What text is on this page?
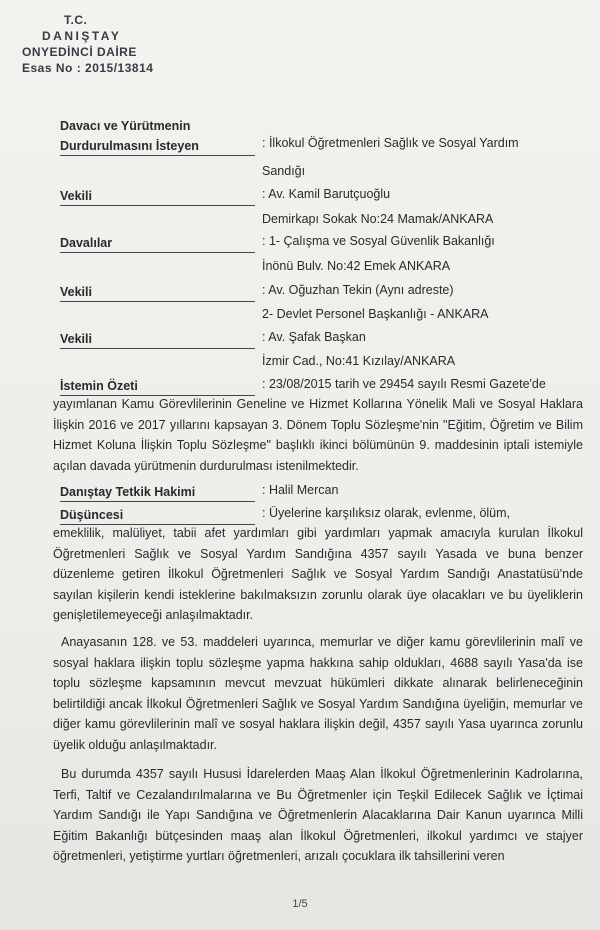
T.C.
DANIŞTAY
ONYEDİNCİ DAİRE
Esas No : 2015/13814
Davacı ve Yürütmenin
Durdurulmasını İsteyen	: İlkokul Öğretmenleri Sağlık ve Sosyal Yardım
Sandığı
Vekili	: Av. Kamil Barutçuoğlu
Demirkapı Sokak No:24 Mamak/ANKARA
Davalılar	: 1- Çalışma ve Sosyal Güvenlik Bakanlığı
İnönü Bulv. No:42 Emek ANKARA
Vekili	: Av. Oğuzhan Tekin (Aynı adreste)
2- Devlet Personel Başkanlığı - ANKARA
Vekili	: Av. Şafak Başkan
İzmir Cad., No:41 Kızılay/ANKARA
İstemin Özeti	: 23/08/2015 tarih ve 29454 sayılı Resmi Gazete'de

yayımlanan Kamu Görevlilerinin Geneline ve Hizmet Kollarına Yönelik Mali ve Sosyal Haklara İlişkin 2016 ve 2017 yıllarını kapsayan 3. Dönem Toplu Sözleşme'nin "Eğitim, Öğretim ve Bilim Hizmet Koluna İlişkin Toplu Sözleşme" başlıklı ikinci bölümünün 9. maddesinin iptali istemiyle açılan davada yürütmenin durdurulması istenilmektedir.

Danıştay Tetkik Hakimi	: Halil Mercan
Düşüncesi	: Üyelerine karşılıksız olarak, evlenme, ölüm,

emeklilik, malüliyet, tabii afet yardımları gibi yardımları yapmak amacıyla kurulan İlkokul Öğretmenleri Sağlık ve Sosyal Yardım Sandığına 4357 sayılı Yasada ve buna benzer düzenleme getiren İlkokul Öğretmenleri Sağlık ve Sosyal Yardım Sandığı Anastatüsü'nde sayılan kişilerin kendi isteklerine bakılmaksızın zorunlu olarak üye olacakları ve bu üyeliklerin genişletilemeyeceği anlaşılmaktadır.

Anayasanın 128. ve 53. maddeleri uyarınca, memurlar ve diğer kamu görevlilerinin malî ve sosyal haklara ilişkin toplu sözleşme yapma hakkına sahip oldukları, 4688 sayılı Yasa'da ise toplu sözleşme kapsamının mevcut mevzuat hükümleri dikkate alınarak belirleneceğinin belirtildiği ancak İlkokul Öğretmenleri Sağlık ve Sosyal Yardım Sandığına üyeliğin, memurlar ve diğer kamu görevlilerinin malî ve sosyal haklara ilişkin değil, 4357 sayılı Yasa uyarınca zorunlu üyelik olduğu anlaşılmaktadır.

Bu durumda 4357 sayılı Hususi İdarelerden Maaş Alan İlkokul Öğretmenlerinin Kadrolarına, Terfi, Taltif ve Cezalandırılmalarına ve Bu Öğretmenler için Teşkil Edilecek Sağlık ve İçtimai Yardım Sandığı ile Yapı Sandığına ve Öğretmenlerin Alacaklarına Dair Kanun uyarınca Milli Eğitim Bakanlığı bütçesinden maaş alan İlkokul Öğretmenleri, ilkokul yardımcı ve stajyer öğretmenleri, yetiştirme yurtları öğretmenleri, arızalı çocuklara ilk tahsillerini veren

1/5
